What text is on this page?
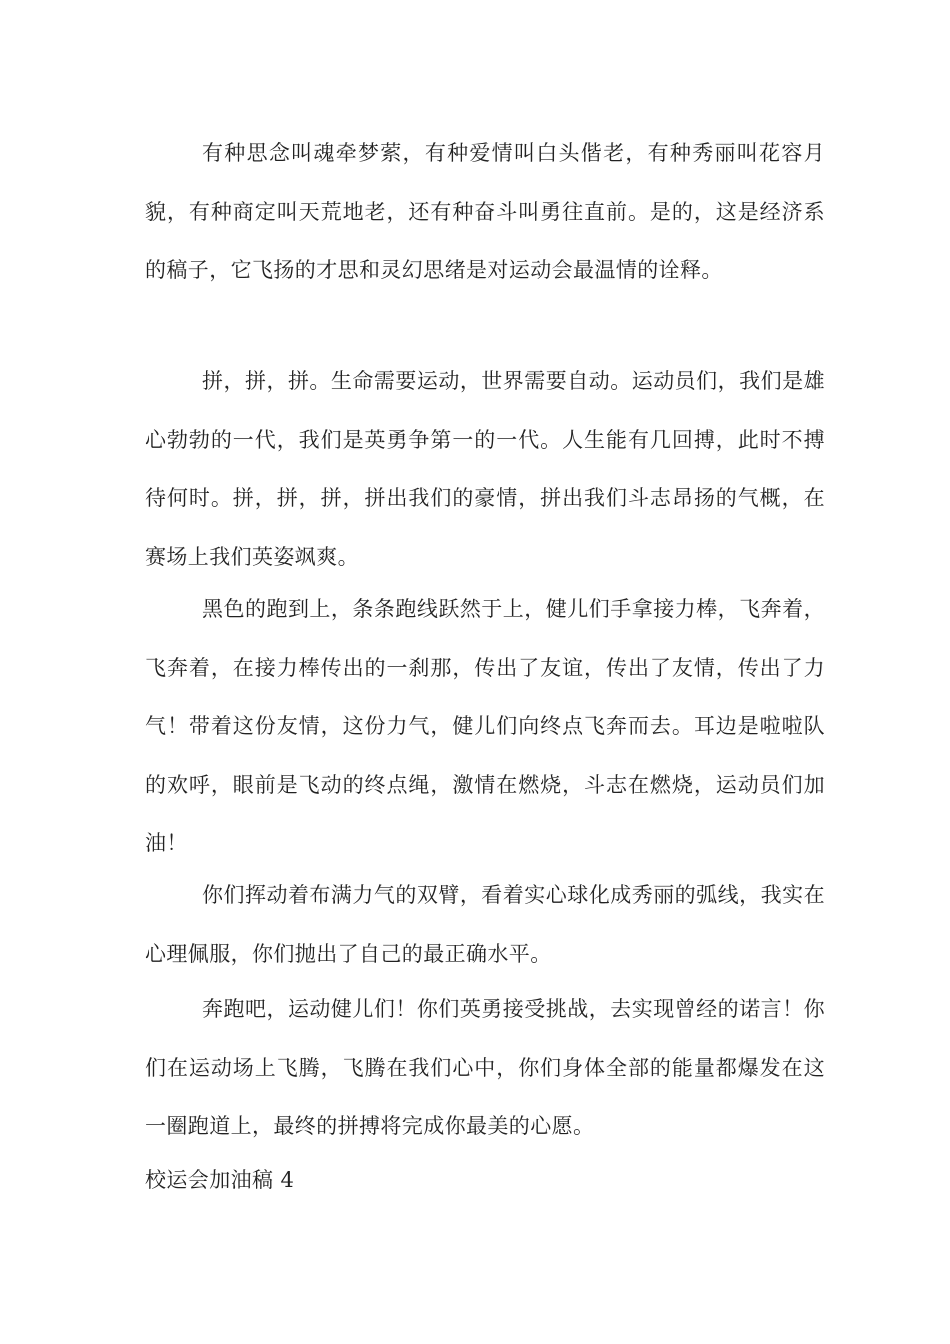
有种思念叫魂牵梦萦，有种爱情叫白头偕老，有种秀丽叫花容月貌，有种商定叫天荒地老，还有种奋斗叫勇往直前。是的，这是经济系的稿子，它飞扬的才思和灵幻思绪是对运动会最温情的诠释。

拼，拼，拼。生命需要运动，世界需要自动。运动员们，我们是雄心勃勃的一代，我们是英勇争第一的一代。人生能有几回搏，此时不搏待何时。拼，拼，拼，拼出我们的豪情，拼出我们斗志昂扬的气概，在赛场上我们英姿飒爽。

黑色的跑到上，条条跑线跃然于上，健儿们手拿接力棒，飞奔着，飞奔着，在接力棒传出的一刹那，传出了友谊，传出了友情，传出了力气！带着这份友情，这份力气，健儿们向终点飞奔而去。耳边是啦啦队的欢呼，眼前是飞动的终点绳，激情在燃烧，斗志在燃烧，运动员们加油！

你们挥动着布满力气的双臂，看着实心球化成秀丽的弧线，我实在心理佩服，你们抛出了自己的最正确水平。

奔跑吧，运动健儿们！你们英勇接受挑战，去实现曾经的诺言！你们在运动场上飞腾，飞腾在我们心中，你们身体全部的能量都爆发在这一圈跑道上，最终的拼搏将完成你最美的心愿。

校运会加油稿 4
